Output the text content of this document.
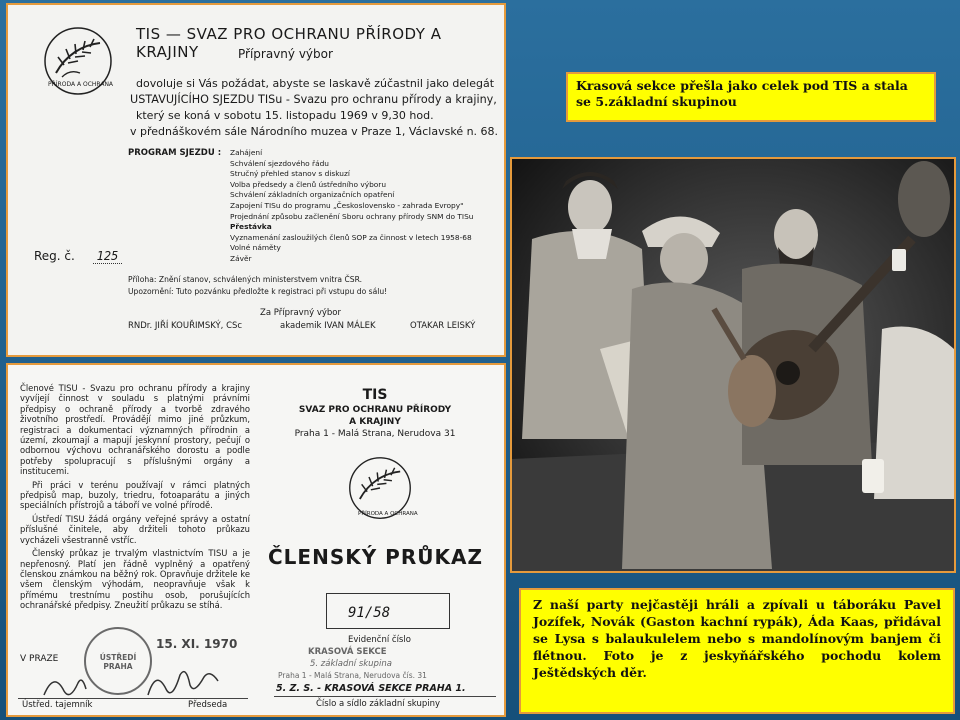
PŘÍRODA A OCHRANA
TIS — SVAZ PRO OCHRANU PŘÍRODY A KRAJINY	Přípravný výbor
dovoluje si Vás požádat, abyste se laskavě zúčastnil jako delegát
USTAVUJÍCÍHO SJEZDU TISu - Svazu pro ochranu přírody a krajiny,
který se koná v sobotu 15. listopadu 1969 v 9,30 hod.
v přednáškovém sále Národního muzea v Praze 1, Václavské n. 68.
PROGRAM SJEZDU : Zahájení
Schválení sjezdového řádu
Stručný přehled stanov s diskuzí
Volba předsedy a členů ústředního výboru
Schválení základních organizačních opatření
Zapojení TISu do programu „Československo - zahrada Evropy"
Projednání způsobu začlenění Sboru ochrany přírody SNM do TISu
Přestávka
Vyznamenání zasloužilých členů SOP za činnost v letech 1958-68
Volné náměty
Závěr
Reg. č. 125
Příloha: Znění stanov, schválených ministerstvem vnitra ČSR.
Upozornění: Tuto pozvánku předložte k registraci při vstupu do sálu!
Za Přípravný výbor
RNDr. JIŘÍ KOUŘIMSKÝ, CSc	akademik IVAN MÁLEK	OTAKAR LEISKÝ

Členové TISU - Svazu pro ochranu přírody a krajiny vyvíjejí činnost v souladu s platnými právními předpisy o ochraně přírody a tvorbě zdravého životního prostředí. Provádějí mimo jiné průzkum, registraci a dokumentaci významných přírodnin a území, zkoumají a mapují jeskynní prostory, pečují o odbornou výchovu ochranářského dorostu a podle potřeby spolupracují s příslušnými orgány a institucemi.

Při práci v terénu používají v rámci platných předpisů map, buzoly, triedru, fotoaparátu a jiných speciálních přístrojů a táboří ve volné přírodě.

Ústředí TISU žádá orgány veřejné správy a ostatní příslušné činitele, aby držiteli tohoto průkazu vycházeli všestranně vstříc.

Členský průkaz je trvalým vlastnictvím TISU a je nepřenosný. Platí jen řádně vyplněný a opatřený členskou známkou na běžný rok. Opravňuje držitele ke všem členským výhodám, neopravňuje však k přímému trestnímu postihu osob, porušujících ochranářské předpisy. Zneužití průkazu se stíhá.

V PRAZE	ÚSTŘEDÍ PRAHA
15. XI. 1970
Ústřed. tajemník	Předseda
TIS
SVAZ PRO OCHRANU PŘÍRODY
A KRAJINY
Praha 1 - Malá Strana, Nerudova 31
PŘÍRODA A OCHRANA
ČLENSKÝ PRŮKAZ
91/58
Evidenční číslo
KRASOVÁ SEKCE
5. základní skupina
Praha 1 - Malá Strana, Nerudova čís. 31
5. Z. S. - KRASOVÁ SEKCE PRAHA 1.
Číslo a sídlo základní skupiny
Krasová sekce přešla jako celek pod TIS a stala se 5.základní skupinou
Z naší party nejčastěji hráli a zpívali u táboráku Pavel Jozífek, Novák (Gaston kachní rypák), Áda Kaas, přidával se Lysa s balaukulelem nebo s mandolínovým banjem či flétnou. Foto je z jeskyňářského pochodu kolem Ještědských děr.
